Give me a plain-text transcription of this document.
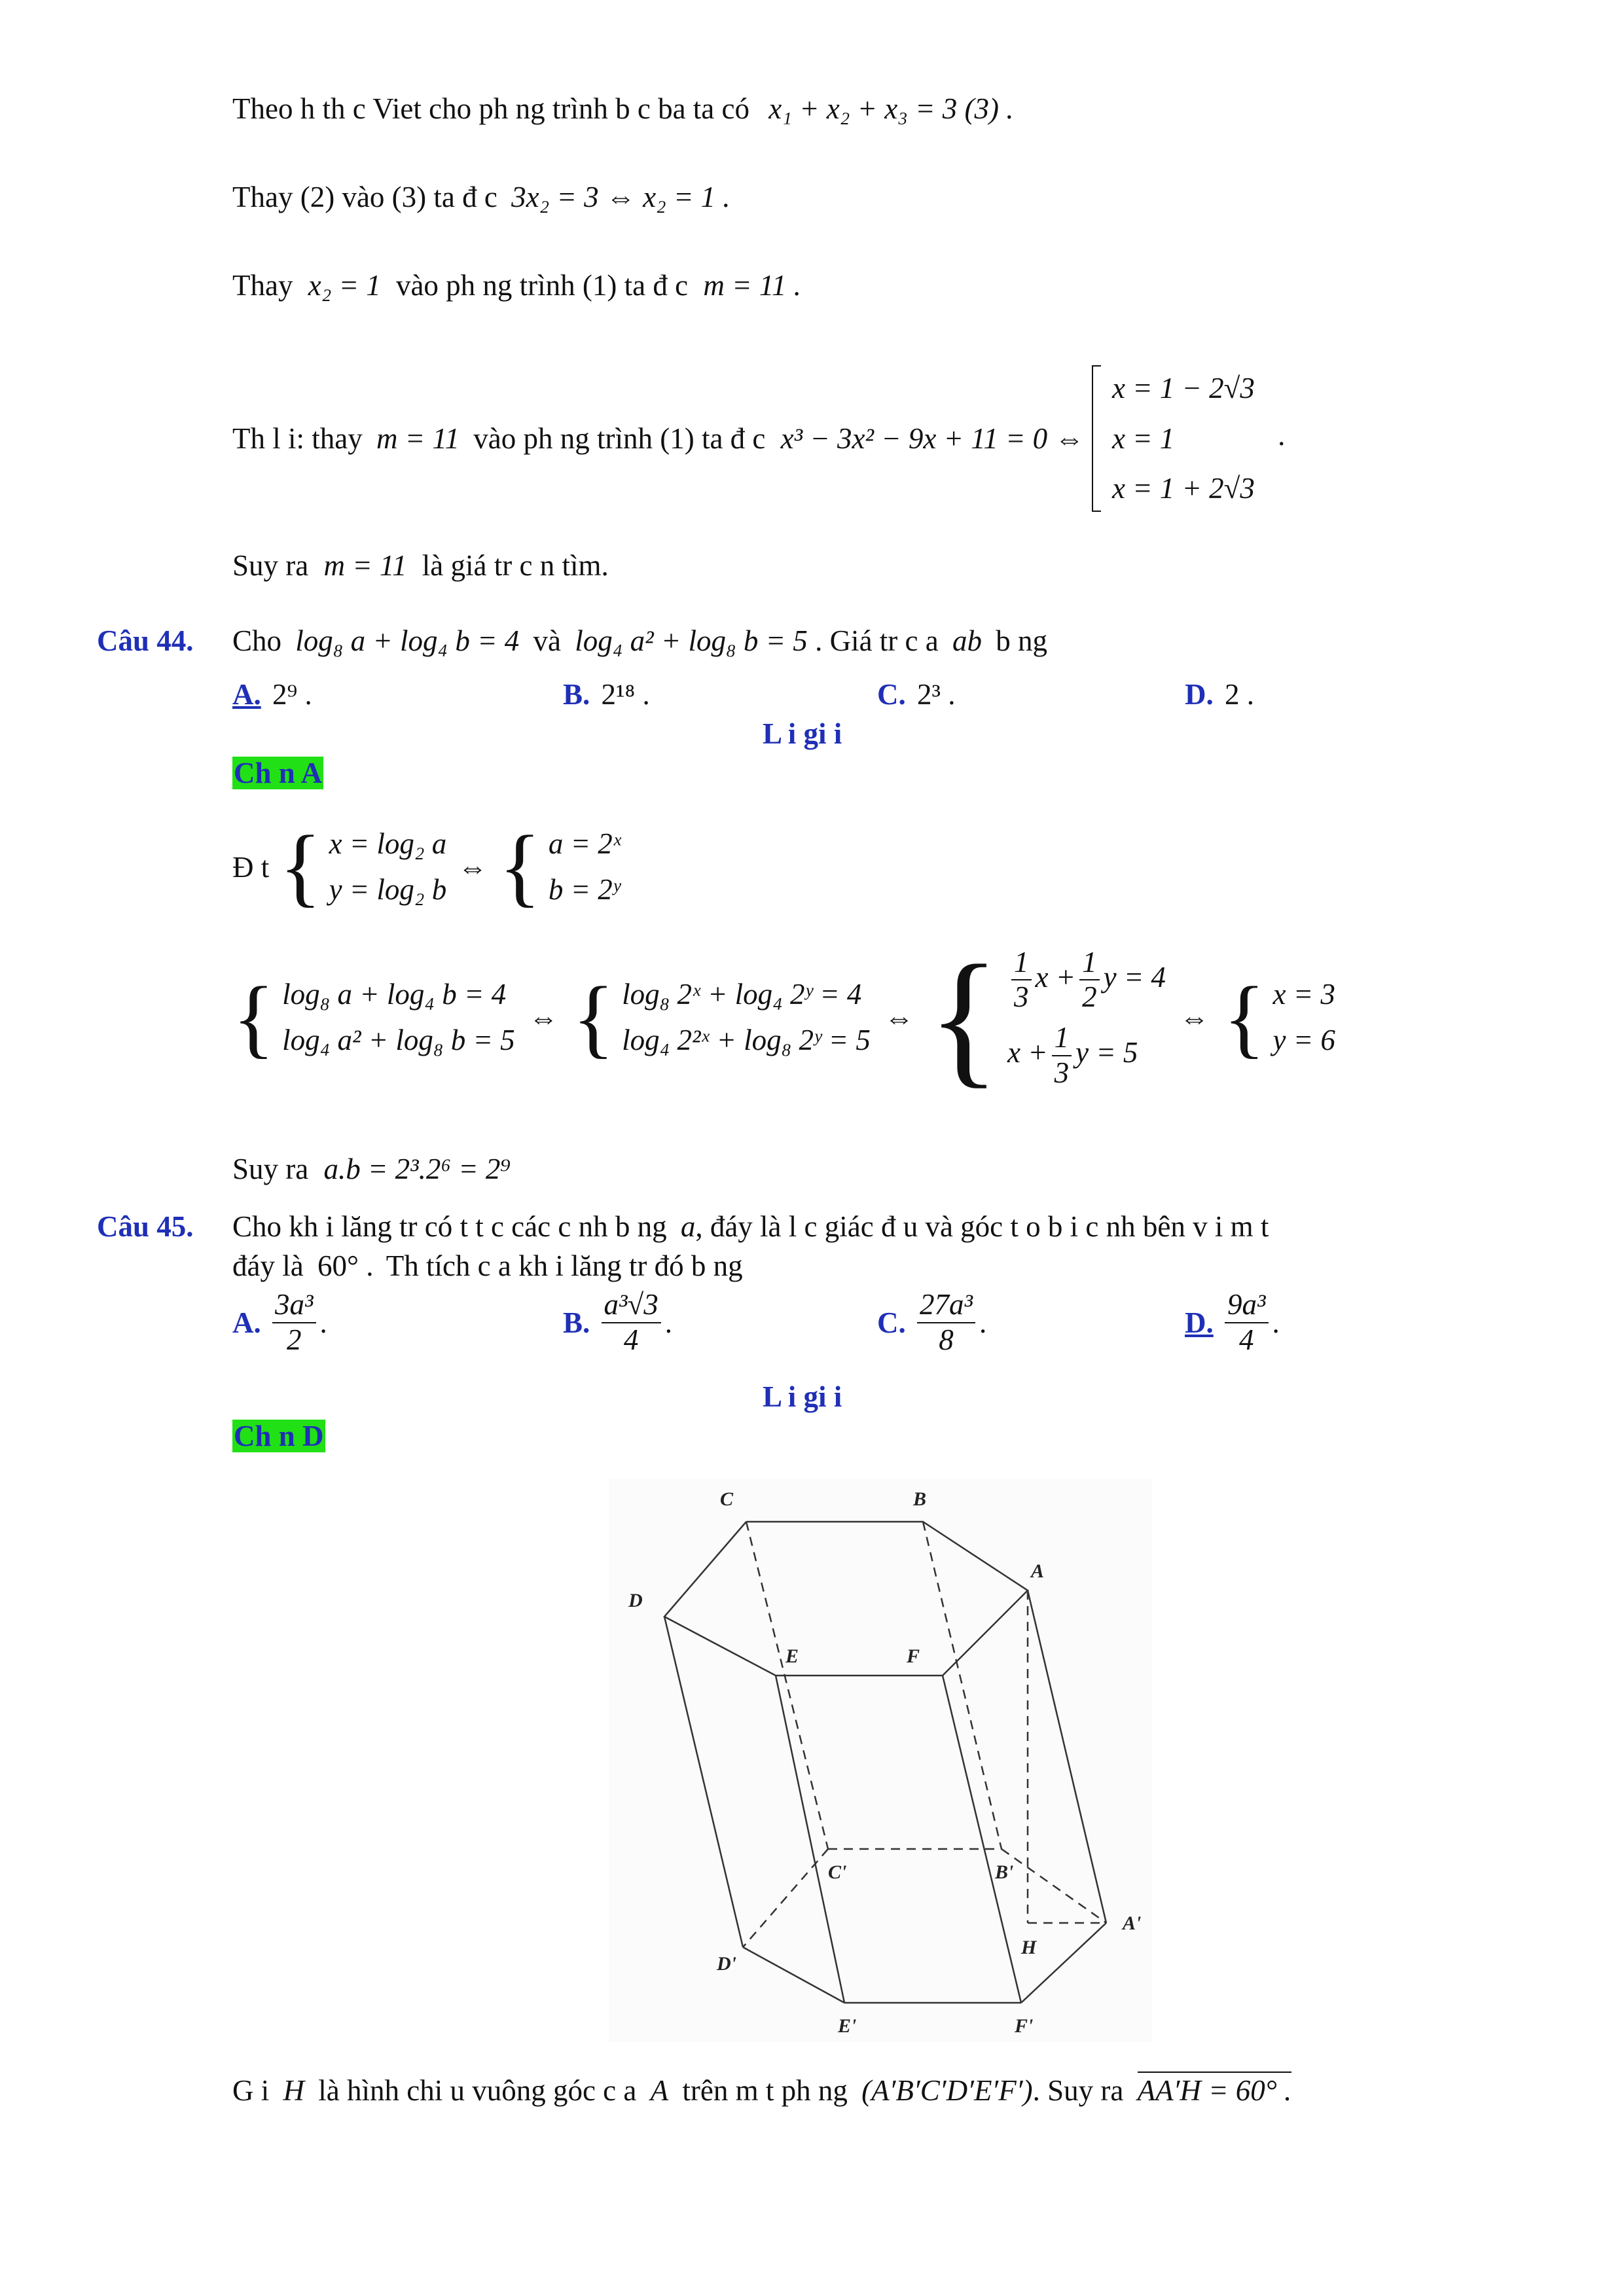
Theo h th c Viet cho ph ng trình b c ba ta có x₁ + x₂ + x₃ = 3 (3) .
Thay (2) vào (3) ta đ c 3x₂ = 3 ⇔ x₂ = 1 .
Thay x₂ = 1 vào ph ng trình (1) ta đ c m = 11 .
Th l i: thay m = 11 vào ph ng trình (1) ta đ c x³ − 3x² − 9x + 11 = 0 ⇔
x = 1 − 2√3
x = 1
x = 1 + 2√3
.
Suy ra m = 11 là giá tr c n tìm.
Câu 44. Cho log₈ a + log₄ b = 4 và log₄ a² + log₈ b = 5 . Giá tr c a ab b ng
A. 2⁹ .	B. 2¹⁸ .	C. 2³ .	D. 2 .
L i gi i
Ch n A
Đ t { x = log₂ a
y = log₂ b
⇔ { a = 2ˣ
b = 2ʸ
{ log₈ a + log₄ b = 4
log₄ a² + log₈ b = 5
⇔ { log₈ 2ˣ + log₄ 2ʸ = 4
log₄ 2²ˣ + log₈ 2ʸ = 5
⇔ { $\frac{1}{3}$ $x + \frac{1}{2}$ y = 4
$x + \frac{1}{3}$ y = 5
⇔ { x = 3
y = 6
Suy ra a.b = 2³.2⁶ = 2⁹
Câu 45. Cho kh i lăng tr có t t c các c nh b ng a, đáy là l c giác đ u và góc t o b i c nh bên v i m t
đáy là 60° . Th tích c a kh i lăng tr đó b ng
A. $\frac{\text{3a³}}{2}$ .	B. $\frac{\text{a³√3}}{4}$ .	C. $\frac{\text{27a³}}{8}$ .	D. $\frac{\text{9a³}}{4}$ .
L i gi i
Ch n D
C	B
A
D
E	F
C'	B'
A'
D'
E'	F'
H
G i H là hình chi u vuông góc c a A trên m t ph ng (A′B′C′D′E′F′). Suy ra AA′H = 60° .
